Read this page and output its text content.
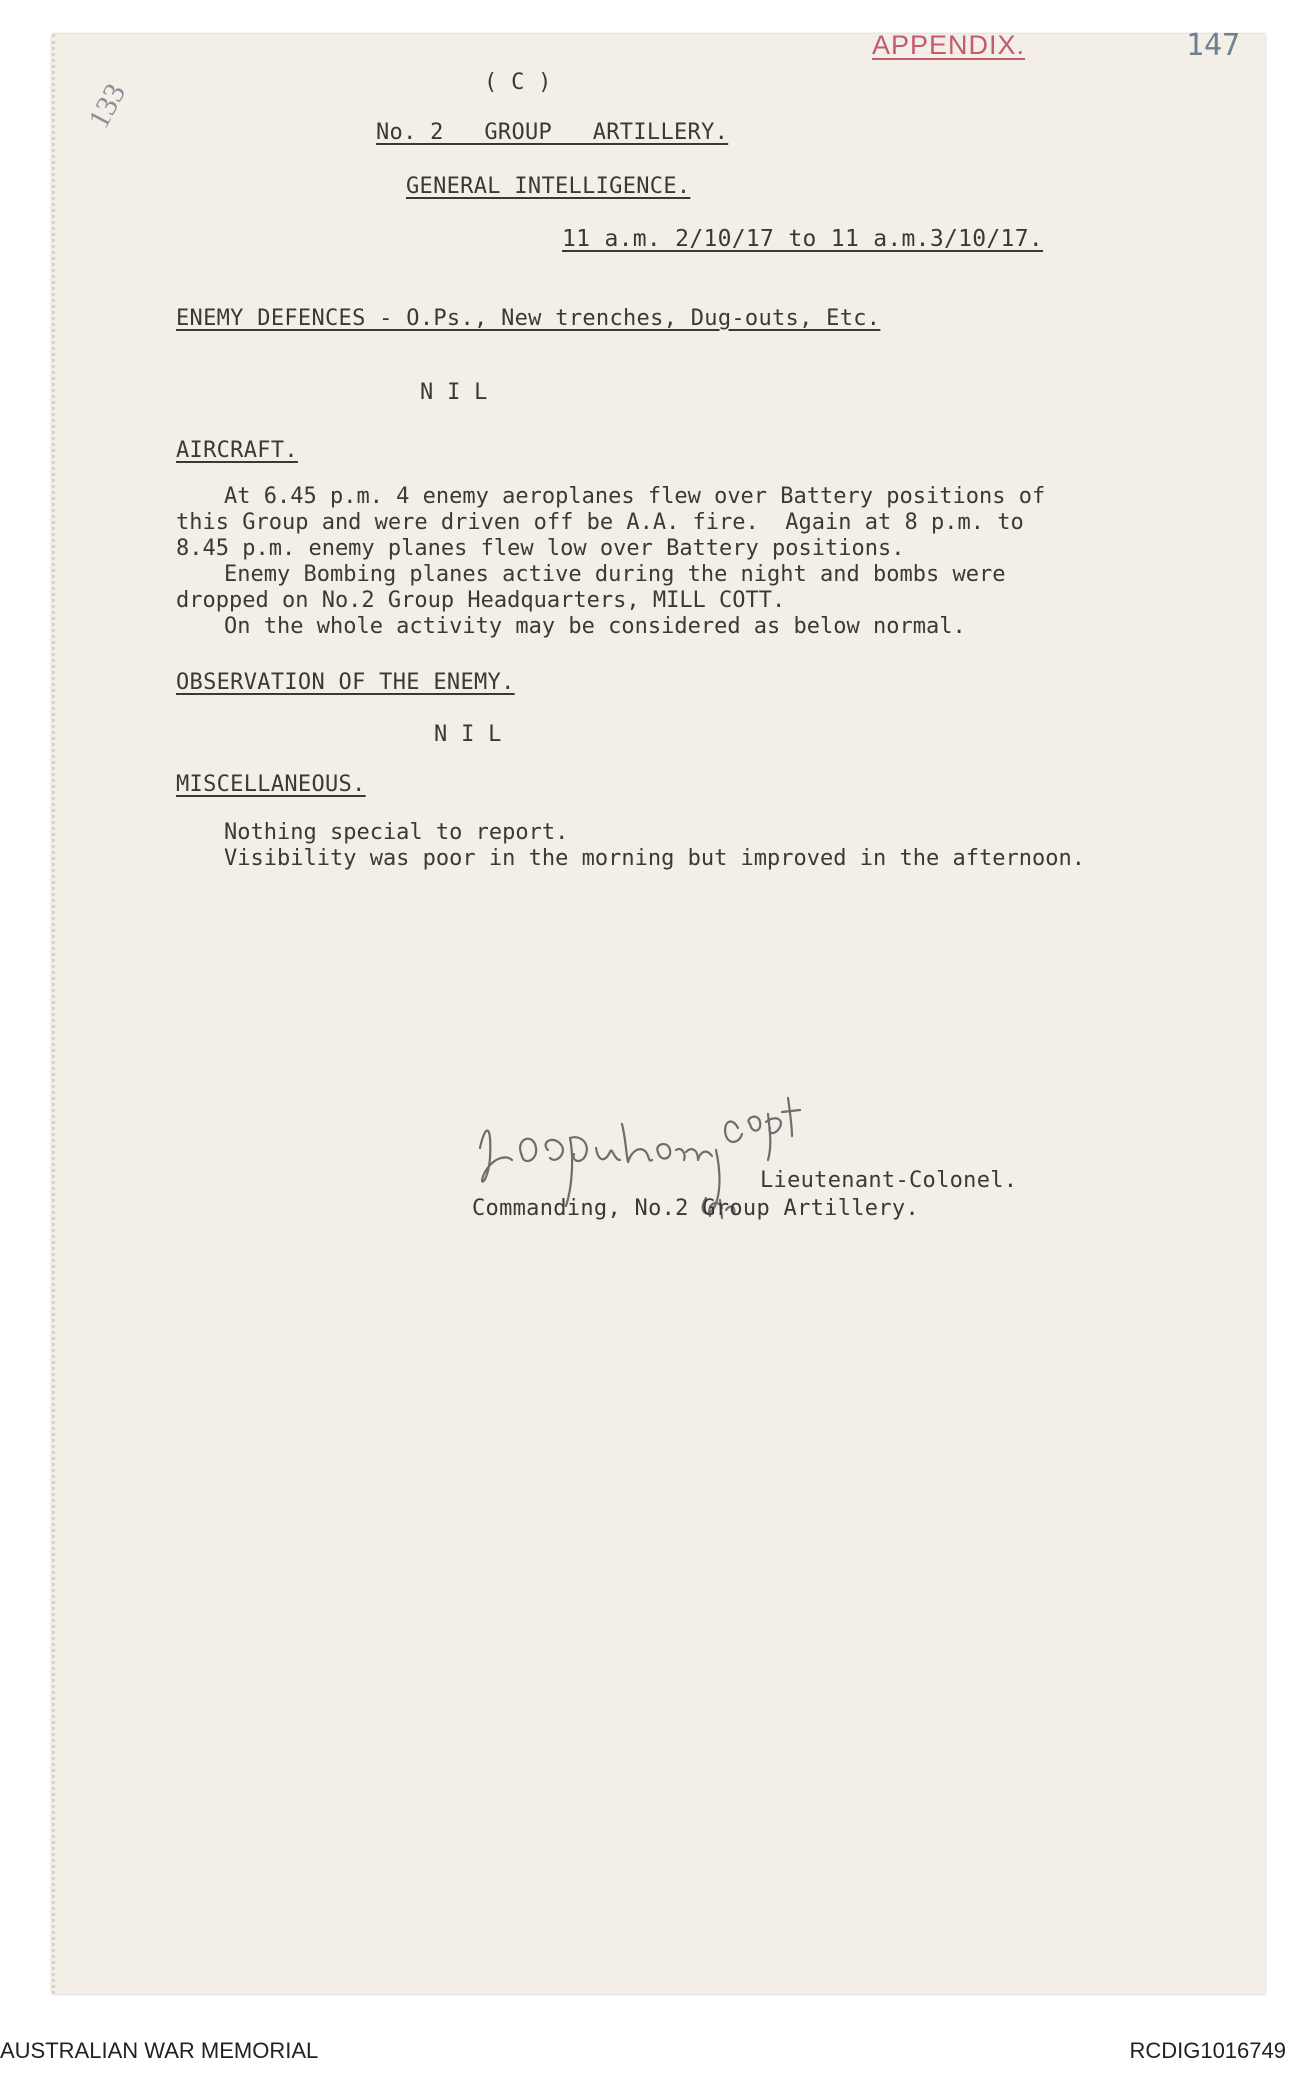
APPENDIX.	147
133	( C )
No. 2   GROUP   ARTILLERY.
GENERAL INTELLIGENCE.
11 a.m. 2/10/17 to 11 a.m.3/10/17.
ENEMY DEFENCES - O.Ps., New trenches, Dug-outs, Etc.
N I L
AIRCRAFT.
At 6.45 p.m. 4 enemy aeroplanes flew over Battery positions of
this Group and were driven off be A.A. fire.  Again at 8 p.m. to
8.45 p.m. enemy planes flew low over Battery positions.
Enemy Bombing planes active during the night and bombs were
dropped on No.2 Group Headquarters, MILL COTT.
On the whole activity may be considered as below normal.
OBSERVATION OF THE ENEMY.
N I L
MISCELLANEOUS.
Nothing special to report.
Visibility was poor in the morning but improved in the afternoon.
Lieutenant-Colonel.
Commanding, No.2 Group Artillery.
AUSTRALIAN WAR MEMORIAL	RCDIG1016749
